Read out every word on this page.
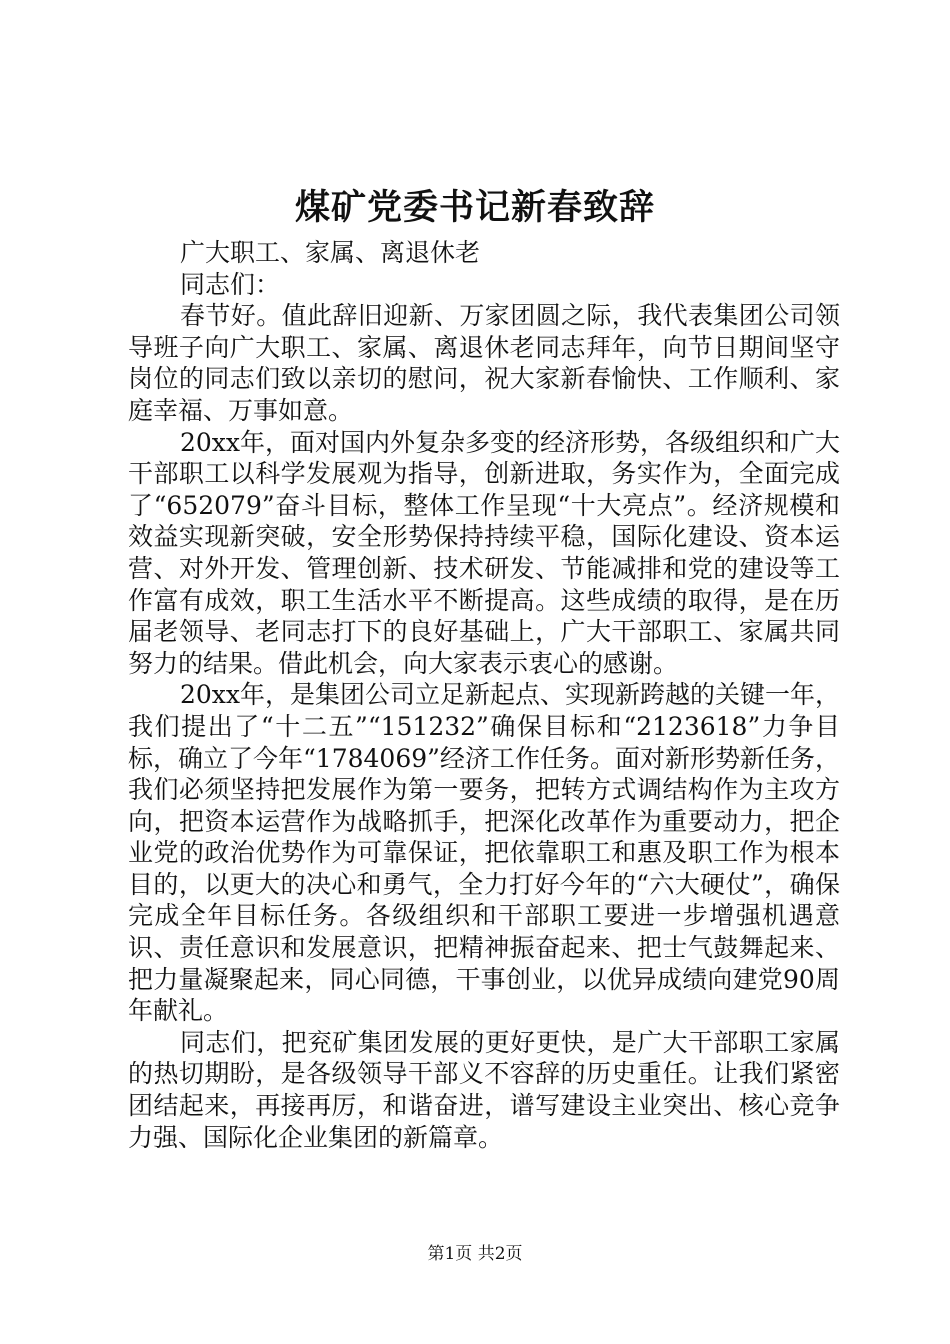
煤矿党委书记新春致辞

广大职工、家属、离退休老

同志们：

春节好。值此辞旧迎新、万家团圆之际，我代表集团公司领导班子向广大职工、家属、离退休老同志拜年，向节日期间坚守岗位的同志们致以亲切的慰问，祝大家新春愉快、工作顺利、家庭幸福、万事如意。

20xx年，面对国内外复杂多变的经济形势，各级组织和广大干部职工以科学发展观为指导，创新进取，务实作为，全面完成了“652079”奋斗目标，整体工作呈现“十大亮点”。经济规模和效益实现新突破，安全形势保持持续平稳，国际化建设、资本运营、对外开发、管理创新、技术研发、节能减排和党的建设等工作富有成效，职工生活水平不断提高。这些成绩的取得，是在历届老领导、老同志打下的良好基础上，广大干部职工、家属共同努力的结果。借此机会，向大家表示衷心的感谢。

20xx年，是集团公司立足新起点、实现新跨越的关键一年，我们提出了“十二五”“151232”确保目标和“2123618”力争目标，确立了今年“1784069”经济工作任务。面对新形势新任务，我们必须坚持把发展作为第一要务，把转方式调结构作为主攻方向，把资本运营作为战略抓手，把深化改革作为重要动力，把企业党的政治优势作为可靠保证，把依靠职工和惠及职工作为根本目的，以更大的决心和勇气，全力打好今年的“六大硬仗”，确保完成全年目标任务。各级组织和干部职工要进一步增强机遇意识、责任意识和发展意识，把精神振奋起来、把士气鼓舞起来、把力量凝聚起来，同心同德，干事创业，以优异成绩向建党90周年献礼。

同志们，把兖矿集团发展的更好更快，是广大干部职工家属的热切期盼，是各级领导干部义不容辞的历史重任。让我们紧密团结起来，再接再厉，和谐奋进，谱写建设主业突出、核心竞争力强、国际化企业集团的新篇章。

第1页 共2页
